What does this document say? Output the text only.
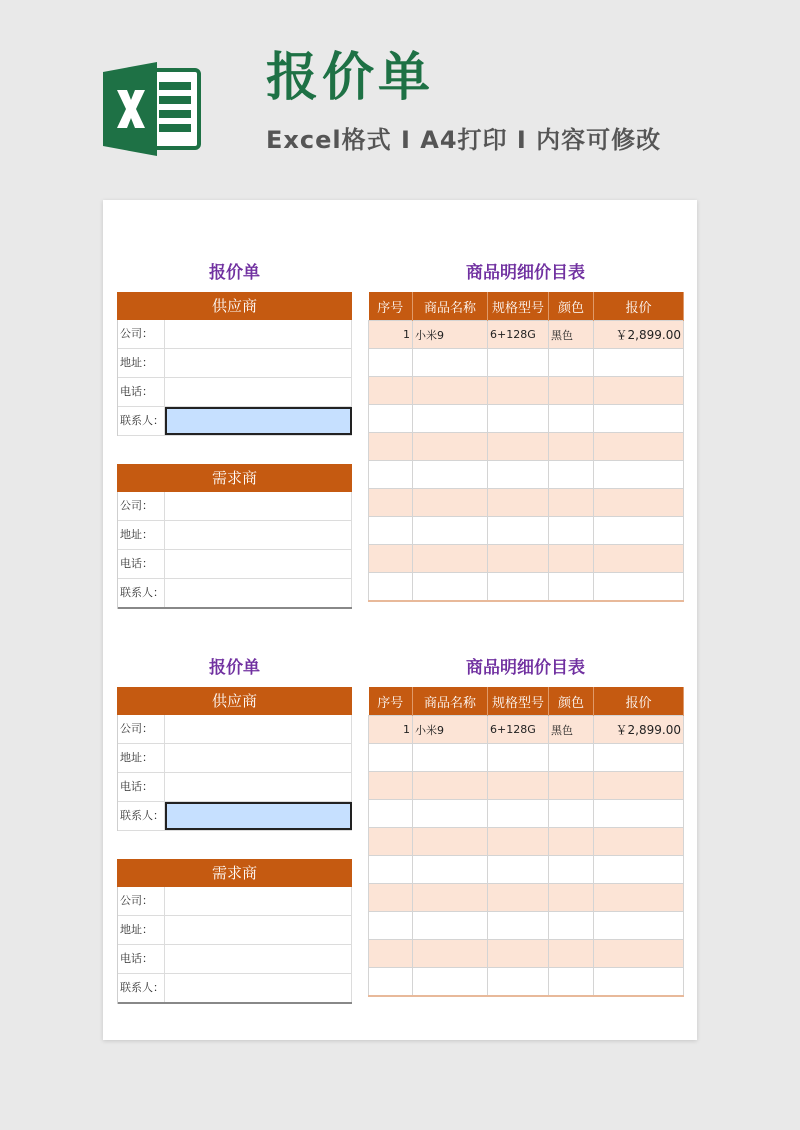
报价单
Excel格式 I A4打印 I 内容可修改
报价单
供应商
公司：
地址：
电话：
联系人：
需求商
公司：
地址：
电话：
联系人：
商品明细价目表
序号	商品名称	规格型号	颜色	报价
1	小米9	6+128G	黑色	￥2,899.00

报价单
供应商
公司：
地址：
电话：
联系人：
需求商
公司：
地址：
电话：
联系人：
商品明细价目表
序号	商品名称	规格型号	颜色	报价
1	小米9	6+128G	黑色	￥2,899.00
